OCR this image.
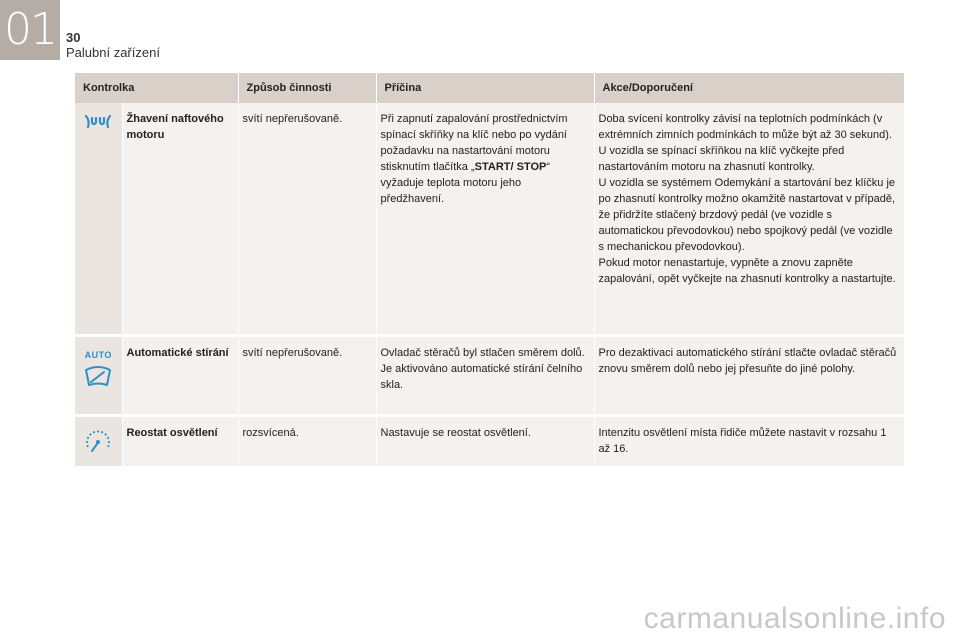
01 30
Palubní zařízení
Kontrolka		Způsob činnosti	Příčina	Akce/Doporučení

	Žhavení naftového motoru	svítí nepřerušovaně.	Při zapnutí zapalování prostřednictvím spínací skříňky na klíč nebo po vydání požadavku na nastartování motoru stisknutím tlačítka „START/ STOP“ vyžaduje teplota motoru jeho předžhavení.	Doba svícení kontrolky závisí na teplotních podmínkách (v extrémních zimních podmínkách to může být až 30 sekund).
U vozidla se spínací skříňkou na klíč vyčkejte před nastartováním motoru na zhasnutí kontrolky.
U vozidla se systémem Odemykání a startování bez klíčku je po zhasnutí kontrolky možno okamžitě nastartovat v případě, že přidržíte stlačený brzdový pedál (ve vozidle s automatickou převodovkou) nebo spojkový pedál (ve vozidle s mechanickou převodovkou).
Pokud motor nenastartuje, vypněte a znovu zapněte zapalování, opět vyčkejte na zhasnutí kontrolky a nastartujte.

AUTO	Automatické stírání	svítí nepřerušovaně.	Ovladač stěračů byl stlačen směrem dolů.
Je aktivováno automatické stírání čelního skla.	Pro dezaktivaci automatického stírání stlačte ovladač stěračů znovu směrem dolů nebo jej přesuňte do jiné polohy.

	Reostat osvětlení	rozsvícená.	Nastavuje se reostat osvětlení.	Intenzitu osvětlení místa řidiče můžete nastavit v rozsahu 1 až 16.
carmanualsonline.info
